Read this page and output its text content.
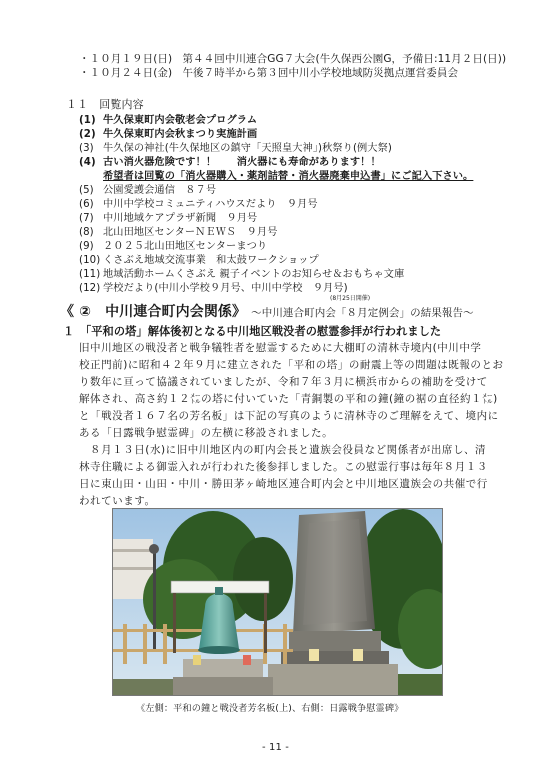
・１０月１９日(日) 第４４回中川連合GG７大会(牛久保西公園G，予備日:11月２日(日))
・１０月２４日(金) 午後７時半から第３回中川小学校地域防災拠点運営委員会
１１　回覧内容
(1) 牛久保東町内会敬老会プログラム
(2) 牛久保東町内会秋まつり実施計画
(3) 牛久保の神社(牛久保地区の鎮守「天照皇大神」)秋祭り(例大祭)
(4) 古い消火器危険です！！　　消火器にも寿命があります！！
希望者は回覧の「消火器購入・薬剤詰替・消火器廃棄申込書」にご記入下さい。
(5) 公園愛護会通信　８７号
(6) 中川中学校コミュニティハウスだより　９月号
(7) 中川地域ケアプラザ新聞　９月号
(8) 北山田地区センターＮＥＷＳ　９月号
(9) ２０２５北山田地区センターまつり
(10) くさぶえ地域交流事業　和太鼓ワークショップ
(11) 地域活動ホームくさぶえ 親子イベントのお知らせ＆おもちゃ文庫
(12) 学校だより(中川小学校９月号、中川中学校　９月号)
(8月25日開催)
《 ②　中川連合町内会関係》 〜中川連合町内会「８月定例会」の結果報告〜
１　「平和の塔」解体後初となる中川地区戦没者の慰霊参拝が行われました
旧中川地区の戦没者と戦争犠牲者を慰霊するために大棚町の清林寺境内(中川中学
校正門前)に昭和４２年９月に建立された「平和の塔」の耐震上等の問題は既報のとお
り数年に亘って協議されていましたが、令和７年３月に横浜市からの補助を受けて
解体され、高さ約１２㍍の塔に付いていた「青銅製の平和の鐘(鐘の裾の直径約１㍍)
と「戦没者１６７名の芳名板」は下記の写真のように清林寺のご理解をえて、境内に
ある「日露戦争慰霊碑」の左横に移設されました。
　８月１３日(水)に旧中川地区内の町内会長と遺族会役員など関係者が出席し、清
林寺住職による御霊入れが行われた後参拝しました。この慰霊行事は毎年８月１３
日に東山田・山田・中川・勝田茅ヶ崎地区連合町内会と中川地区遺族会の共催で行
われています。
《左側：平和の鐘と戦没者芳名板(上)、右側：日露戦争慰霊碑》
- 11 -
